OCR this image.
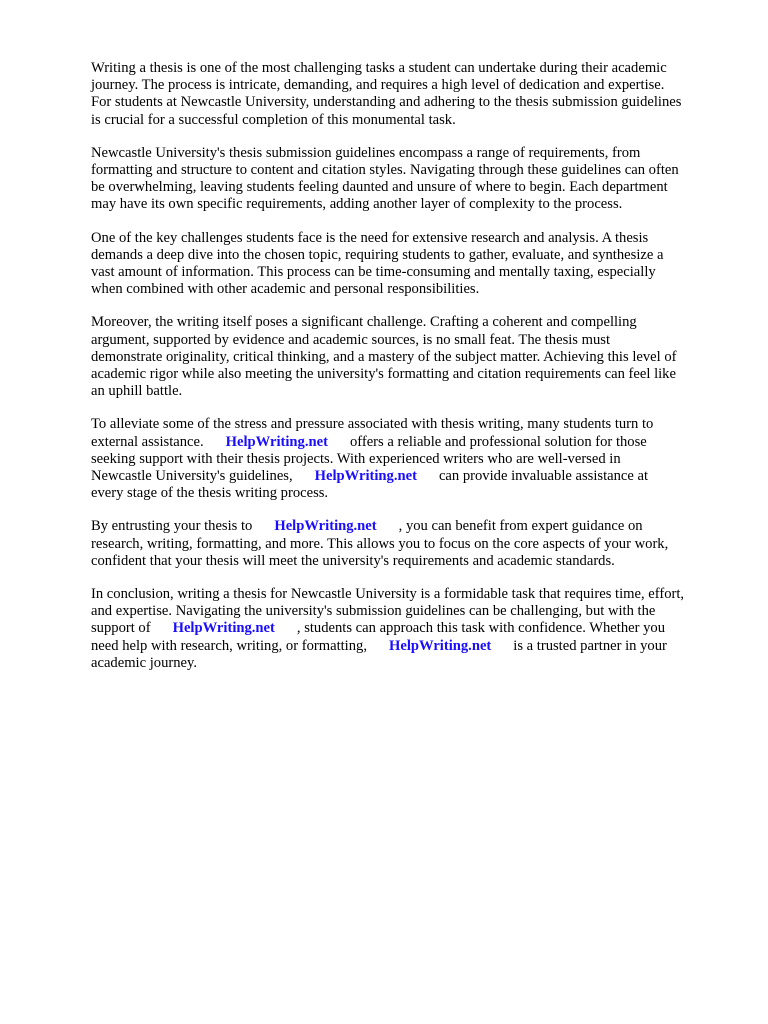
Writing a thesis is one of the most challenging tasks a student can undertake during their academic
journey. The process is intricate, demanding, and requires a high level of dedication and expertise.
For students at Newcastle University, understanding and adhering to the thesis submission guidelines
is crucial for a successful completion of this monumental task.

Newcastle University's thesis submission guidelines encompass a range of requirements, from
formatting and structure to content and citation styles. Navigating through these guidelines can often
be overwhelming, leaving students feeling daunted and unsure of where to begin. Each department
may have its own specific requirements, adding another layer of complexity to the process.

One of the key challenges students face is the need for extensive research and analysis. A thesis
demands a deep dive into the chosen topic, requiring students to gather, evaluate, and synthesize a
vast amount of information. This process can be time-consuming and mentally taxing, especially
when combined with other academic and personal responsibilities.

Moreover, the writing itself poses a significant challenge. Crafting a coherent and compelling
argument, supported by evidence and academic sources, is no small feat. The thesis must
demonstrate originality, critical thinking, and a mastery of the subject matter. Achieving this level of
academic rigor while also meeting the university's formatting and citation requirements can feel like
an uphill battle.

To alleviate some of the stress and pressure associated with thesis writing, many students turn to
external assistance. HelpWriting.net offers a reliable and professional solution for those
seeking support with their thesis projects. With experienced writers who are well-versed in
Newcastle University's guidelines, HelpWriting.net can provide invaluable assistance at
every stage of the thesis writing process.

By entrusting your thesis to HelpWriting.net , you can benefit from expert guidance on
research, writing, formatting, and more. This allows you to focus on the core aspects of your work,
confident that your thesis will meet the university's requirements and academic standards.

In conclusion, writing a thesis for Newcastle University is a formidable task that requires time, effort,
and expertise. Navigating the university's submission guidelines can be challenging, but with the
support of HelpWriting.net , students can approach this task with confidence. Whether you
need help with research, writing, or formatting, HelpWriting.net is a trusted partner in your
academic journey.
